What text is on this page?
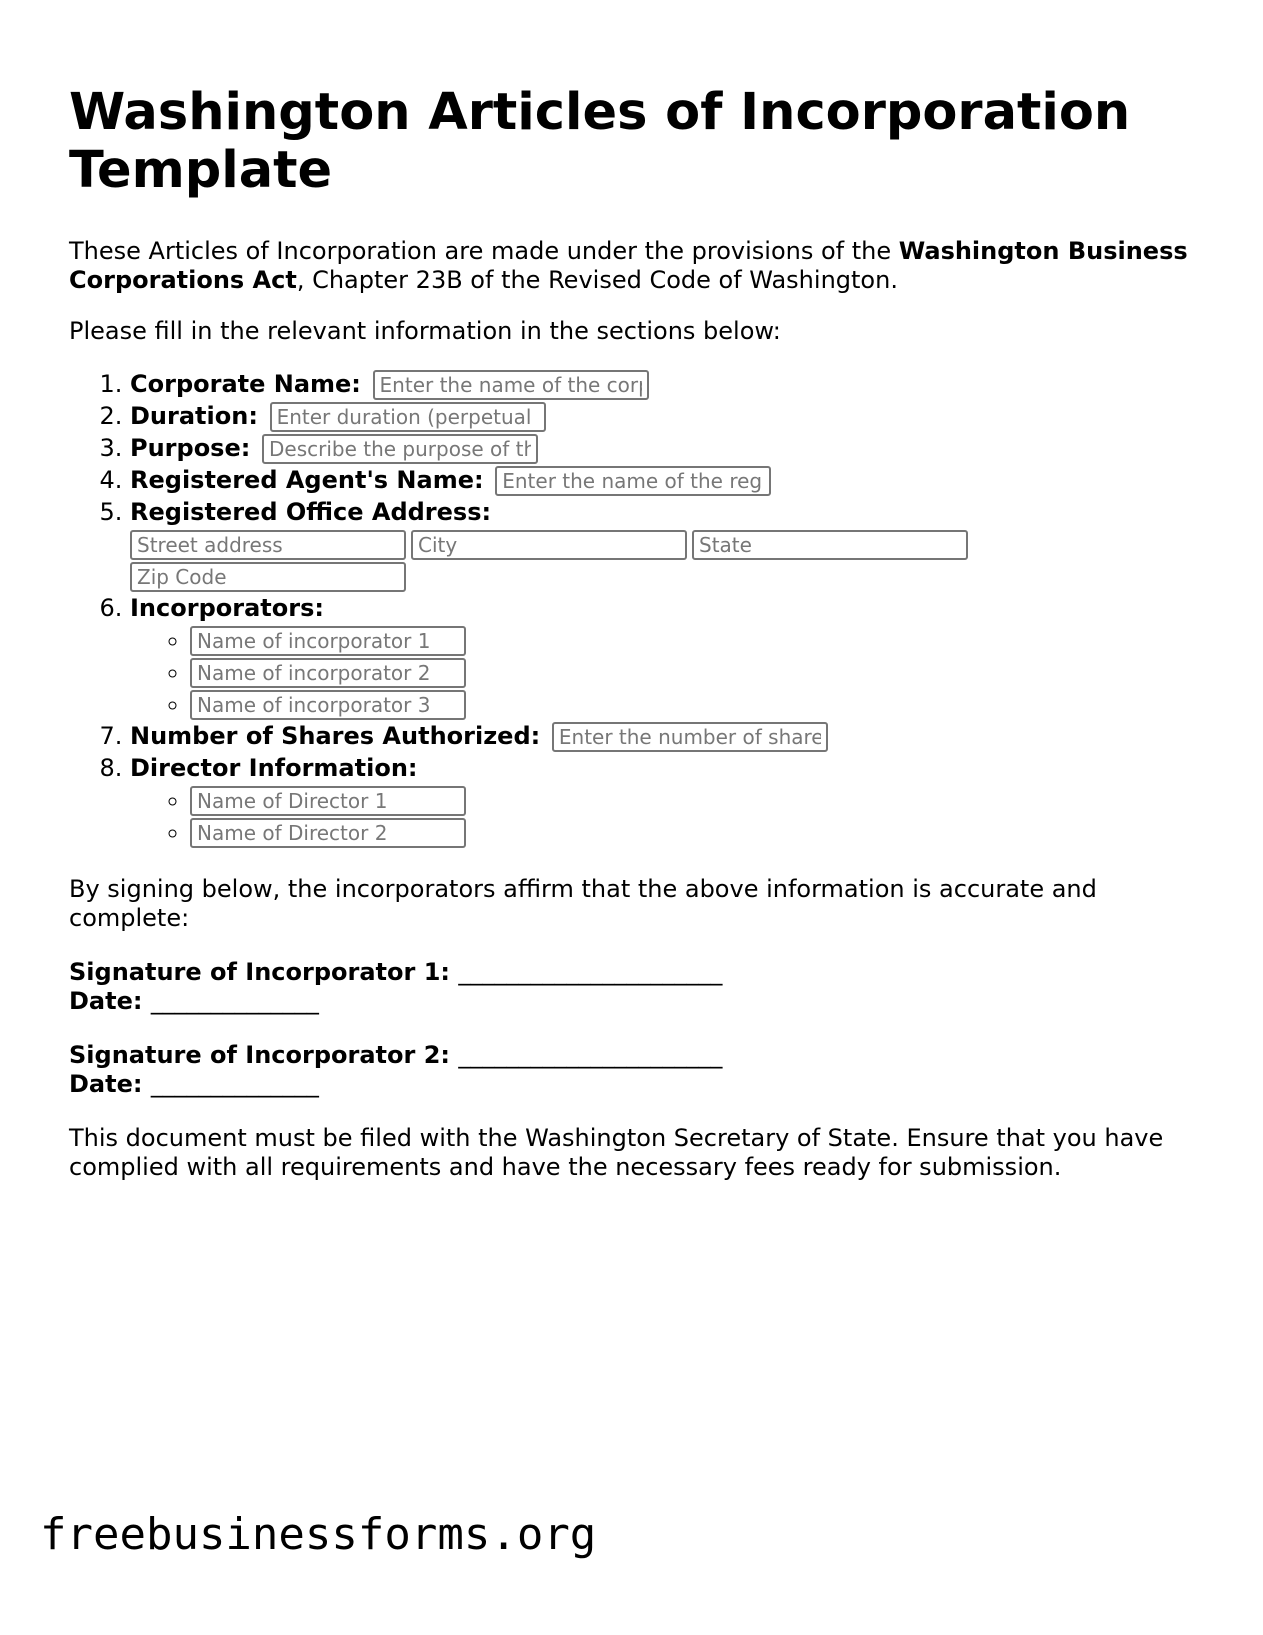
Washington Articles of Incorporation Template

These Articles of Incorporation are made under the provisions of the Washington Business Corporations Act, Chapter 23B of the Revised Code of Washington.

Please fill in the relevant information in the sections below:

1. Corporate Name: Enter the name of the corporation
2. Duration: Enter duration (perpetual or specific date)
3. Purpose: Describe the purpose of the corporation
4. Registered Agent's Name: Enter the name of the registered agent
5. Registered Office Address:
Street addressCityState
Zip Code
6. Incorporators:
◦ Name of incorporator 1
◦ Name of incorporator 2
◦ Name of incorporator 3
7. Number of Shares Authorized: Enter the number of shares
8. Director Information:
◦ Name of Director 1
◦ Name of Director 2

By signing below, the incorporators affirm that the above information is accurate and complete:

Signature of Incorporator 1: ______________________
Date: ______________
Signature of Incorporator 2: ______________________
Date: ______________

This document must be filed with the Washington Secretary of State. Ensure that you have complied with all requirements and have the necessary fees ready for submission.

freebusinessforms.org
